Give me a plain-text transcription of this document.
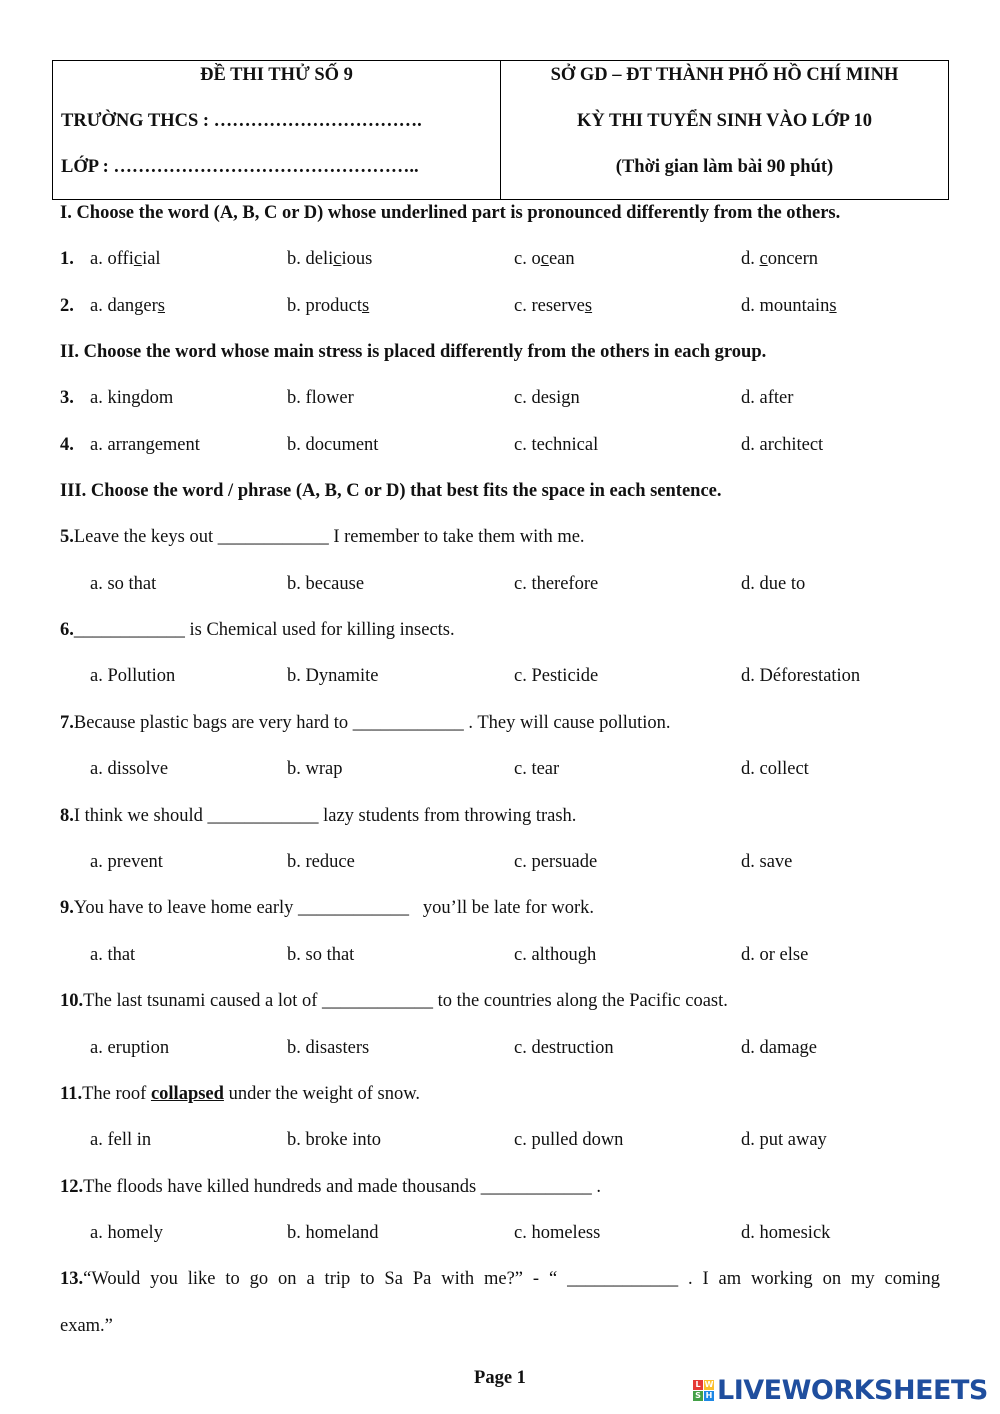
ĐỀ THI THỬ SỐ 9
TRƯỜNG THCS : …………………………….
LỚP : …………………………………………..
SỞ GD – ĐT THÀNH PHỐ HỒ CHÍ MINH
KỲ THI TUYỂN SINH VÀO LỚP 10
(Thời gian làm bài 90 phút)
I. Choose the word (A, B, C or D) whose underlined part is pronounced differently from the others.
1. a. official	b. delicious	c. ocean	d. concern
2. a. dangers	b. products	c. reserves	d. mountains
II. Choose the word whose main stress is placed differently from the others in each group.
3. a. kingdom	b. flower	c. design	d. after
4. a. arrangement	b. document	c. technical	d. architect
III. Choose the word / phrase (A, B, C or D) that best fits the space in each sentence.
5.Leave the keys out ____________ I remember to take them with me.
a. so that	b. because	c. therefore	d. due to
6.____________ is Chemical used for killing insects.
a. Pollution	b. Dynamite	c. Pesticide	d. Déforestation
7.Because plastic bags are very hard to ____________ . They will cause pollution.
a. dissolve	b. wrap	c. tear	d. collect
8.I think we should ____________ lazy students from throwing trash.
a. prevent	b. reduce	c. persuade	d. save
9.You have to leave home early ____________   you’ll be late for work.
a. that	b. so that	c. although	d. or else
10.The last tsunami caused a lot of ____________ to the countries along the Pacific coast.
a. eruption	b. disasters	c. destruction	d. damage
11.The roof collapsed under the weight of snow.
a. fell in	b. broke into	c. pulled down	d. put away
12.The floods have killed hundreds and made thousands ____________ .
a. homely	b. homeland	c. homeless	d. homesick
13.“Would you like to go on a trip to Sa Pa with me?” - “ ____________ . I am working on my coming
exam.”
Page 1	L W
S H LIVEWORKSHEETS
